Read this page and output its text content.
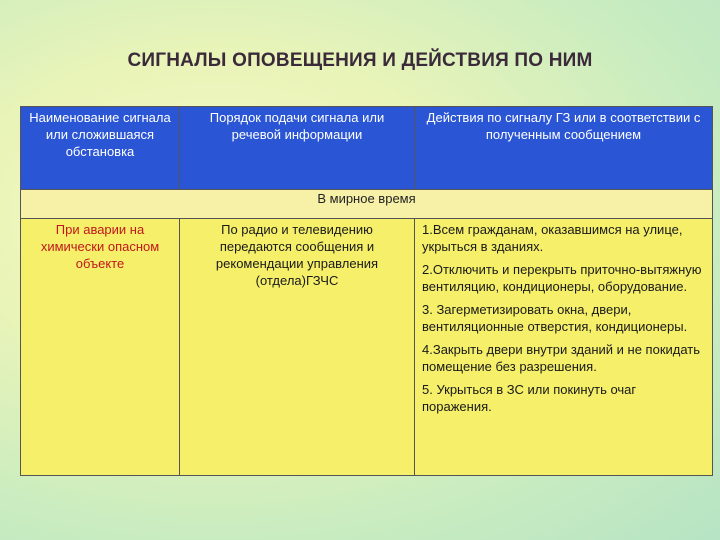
СИГНАЛЫ ОПОВЕЩЕНИЯ И ДЕЙСТВИЯ ПО НИМ
Наименование сигнала или сложившаяся обстановка	Порядок подачи сигнала или речевой информации	Действия по сигналу ГЗ или в соответствии с полученным сообщением
В мирное время		
При аварии на химически опасном объекте	По радио и телевидению передаются сообщения и рекомендации управления (отдела)ГЗЧС	1.Всем гражданам, оказавшимся на улице, укрыться в зданиях.
2.Отключить и перекрыть приточно-вытяжную вентиляцию, кондиционеры, оборудование.
3. Загерметизировать окна, двери, вентиляционные отверстия, кондиционеры.
4.Закрыть двери внутри зданий и не покидать помещение без разрешения.
5. Укрыться в ЗС или покинуть очаг поражения.
